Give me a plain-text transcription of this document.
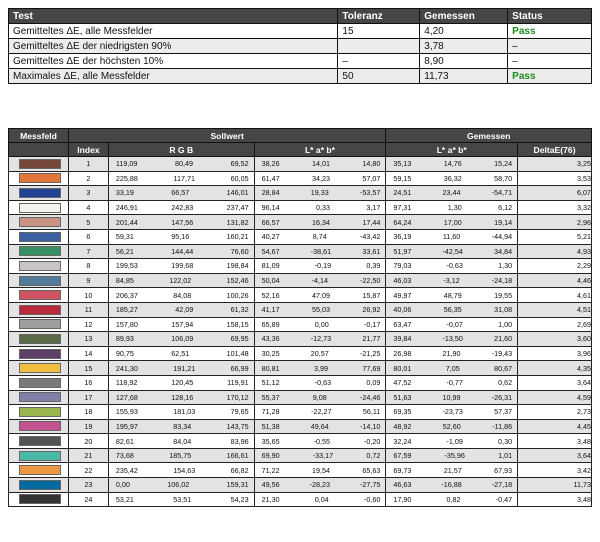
Test	Toleranz	Gemessen	Status
Gemitteltes ΔE, alle Messfelder	15	4,20	Pass
Gemitteltes ΔE der niedrigsten 90%		3,78	–
Gemitteltes ΔE der höchsten 10%	–	8,90	–
Maximales ΔE, alle Messfelder	50	11,73	Pass
Messfeld	Sollwert			Gemessen	
	Index	R G B	L* a* b*	L* a* b*	DeltaE(76)

	1	119,09 80,49 69,52	38,26 14,01 14,80	35,13 14,76 15,24	3,25

	2	225,88 117,71 60,05	61,47 34,23 57,07	59,15 36,32 58,70	3,53

	3	33,19 66,57 146,01	28,84 19,33 -53,57	24,51 23,44 -54,71	6,07

	4	246,91 242,83 237,47	96,14 0,33 3,17	97,31 1,30 6,12	3,32

	5	201,44 147,56 131,82	66,57 16,34 17,44	64,24 17,00 19,14	2,96

	6	59,31 95,16 160,21	40,27 8,74 -43,42	36,19 11,60 -44,94	5,21

	7	56,21 144,44 76,60	54,67 -38,61 33,61	51,97 -42,54 34,84	4,93

	8	199,53 199,68 198,84	81,09 -0,19 0,39	79,03 -0,63 1,30	2,29

	9	84,85 122,02 152,46	50,04 -4,14 -22,50	46,03 -3,12 -24,18	4,46

	10	206,37 84,08 100,26	52,16 47,09 15,87	49,97 48,79 19,55	4,61

	11	185,27 42,09 61,32	41,17 55,03 26,92	40,06 56,35 31,08	4,51

	12	157,80 157,94 158,15	65,89 0,00 -0,17	63,47 -0,07 1,00	2,69

	13	89,93 106,09 69,95	43,36 -12,73 21,77	39,84 -13,50 21,60	3,60

	14	90,75 62,51 101,48	30,25 20,57 -21,25	26,98 21,90 -19,43	3,96

	15	241,30 191,21 66,99	80,81 3,99 77,69	80,01 7,05 80,67	4,35

	16	118,92 120,45 119,91	51,12 -0,63 0,09	47,52 -0,77 0,62	3,64

	17	127,68 128,16 170,12	55,37 9,08 -24,46	51,63 10,99 -26,31	4,59

	18	155,93 181,03 79,65	71,28 -22,27 56,11	69,35 -23,73 57,37	2,73

	19	195,97 83,34 143,75	51,38 49,64 -14,10	48,92 52,60 -11,86	4,45

	20	82,61 84,04 83,96	35,65 -0,55 -0,20	32,24 -1,09 0,30	3,48

	21	73,68 185,75 166,61	69,90 -33,17 0,72	67,59 -35,96 1,01	3,64

	22	235,42 154,63 66,82	71,22 19,54 65,63	69,73 21,57 67,93	3,42

	23	0,00 106,02 159,31	49,56 -28,23 -27,75	46,63 -16,88 -27,18	11,73

	24	53,21 53,51 54,23	21,30 0,04 -0,60	17,90 0,82 -0,47	3,48
